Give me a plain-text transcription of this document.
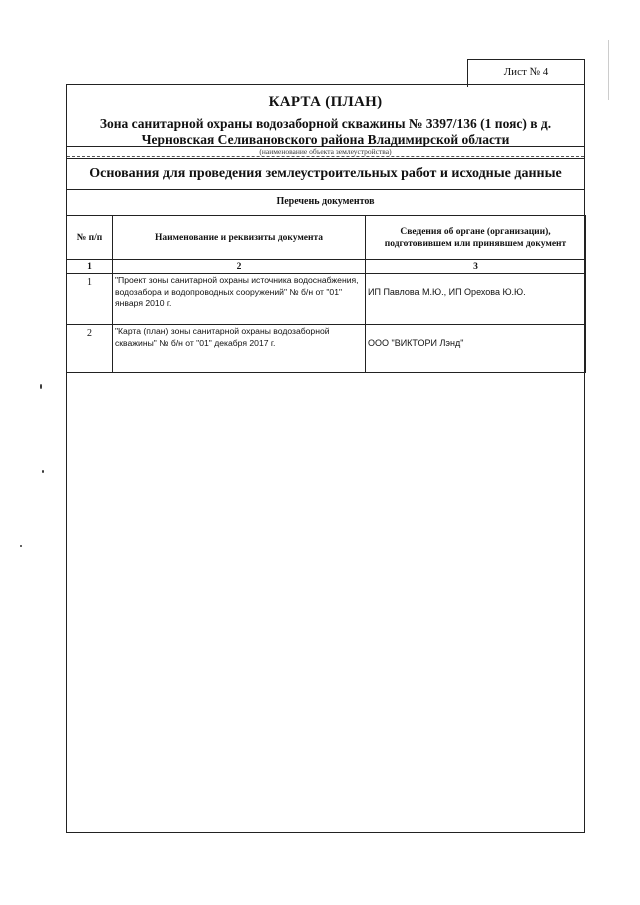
Лист № 4
КАРТА (ПЛАН)
Зона санитарной охраны водозаборной скважины № 3397/136 (1 пояс) в д.
Черновская Селивановского района Владимирской области
(наименование объекта землеустройства)
Основания для проведения землеустроительных работ и исходные данные
Перечень документов
№ п/п	Наименование и реквизиты документа	Сведения об органе (организации), подготовившем или принявшем документ
1	2	3
1	"Проект зоны санитарной охраны источника водоснабжения, водозабора и водопроводных сооружений" № б/н от "01" января 2010 г.	ИП Павлова М.Ю., ИП Орехова Ю.Ю.
2	"Карта (план) зоны санитарной охраны водозаборной скважины" № б/н от "01" декабря 2017 г.	ООО "ВИКТОРИ Лэнд"
